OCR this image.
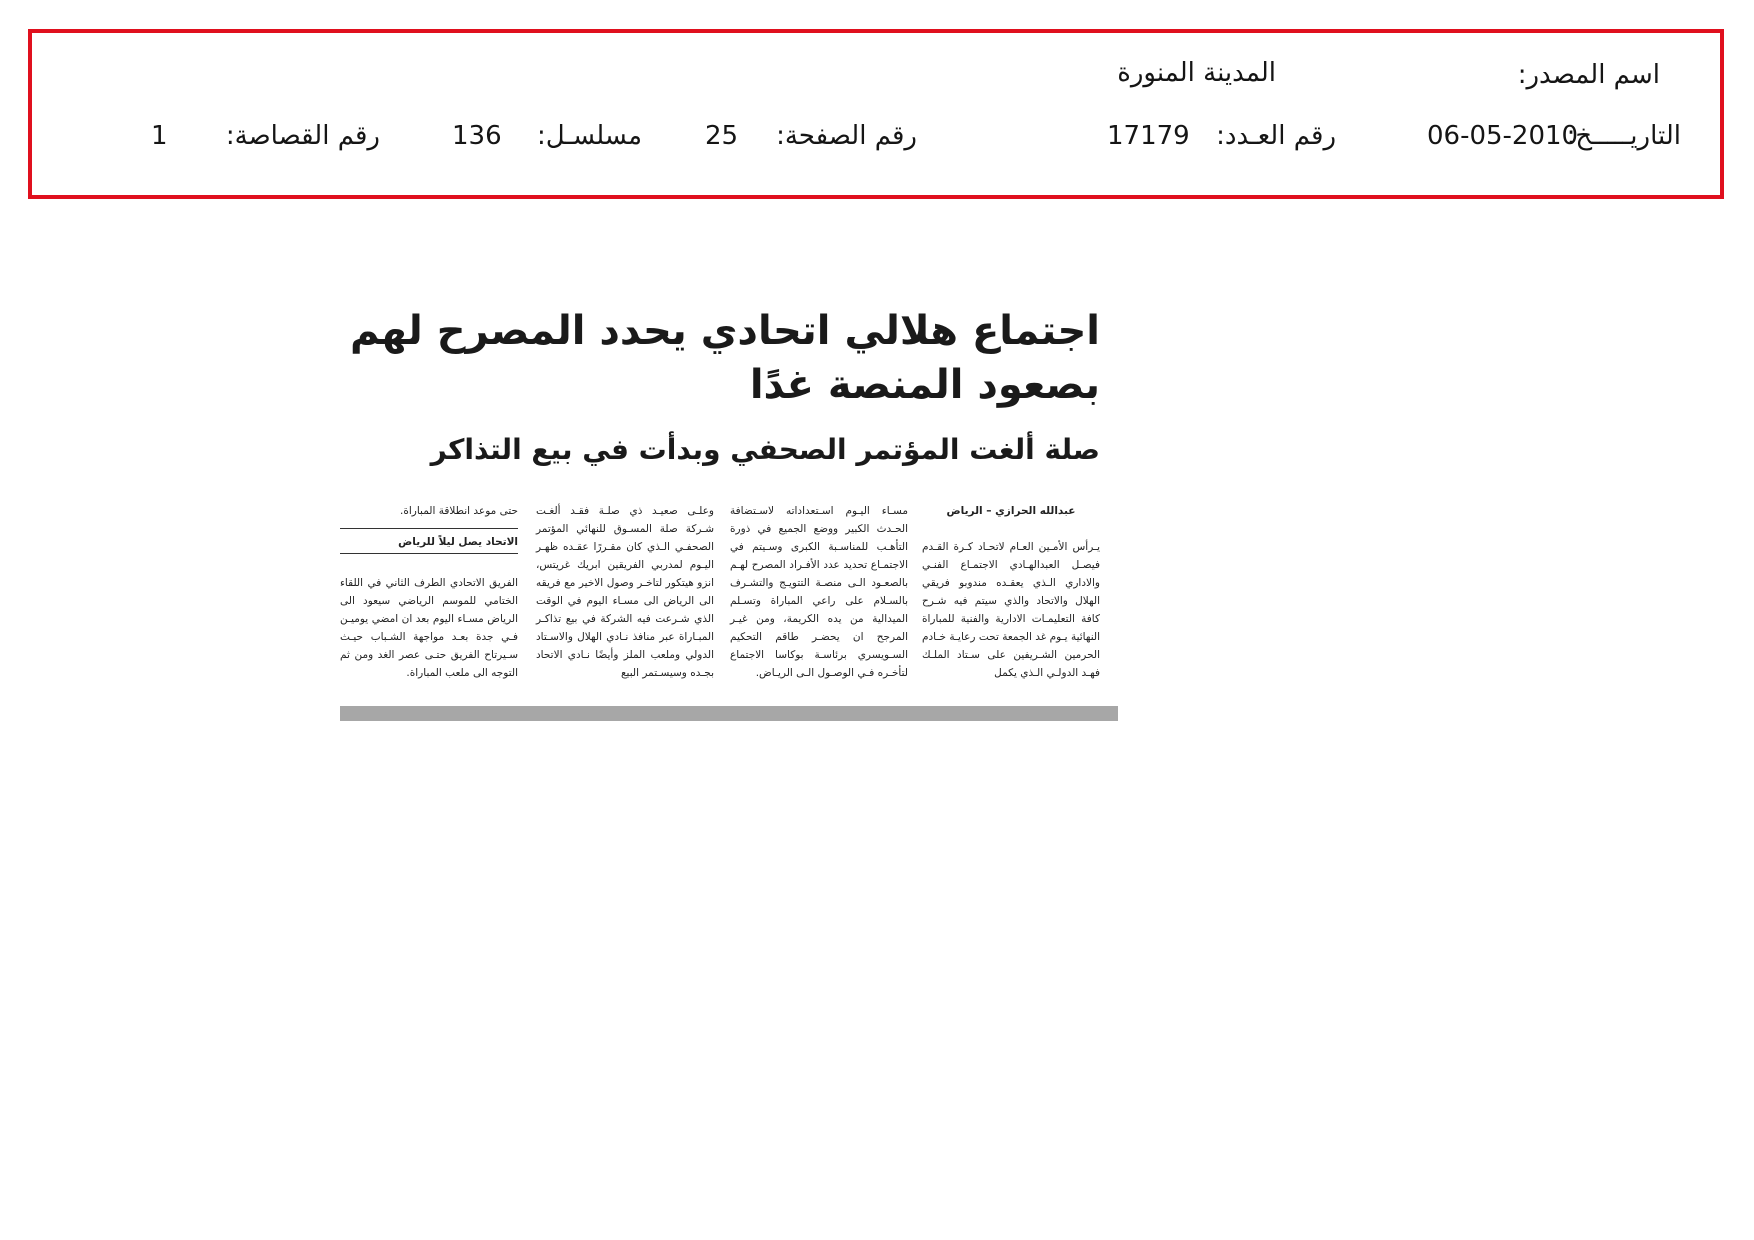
اسم المصدر:
المدينة المنورة
التاريـــــخ:
06-05-2010
رقم العـدد:
17179
رقم الصفحة:
25
مسلسـل:
136
رقم القصاصة:
1
اجتماع هلالي اتحادي يحدد المصرح لهم بصعود المنصة غدًا
صلة ألغت المؤتمر الصحفي وبدأت في بيع التذاكر

عبدالله الحرازي – الرياض

يـرأس الأمـين العـام لاتحـاد كـرة القـدم فيصـل العبدالهـادي الاجتمـاع الفنـي والاداري الـذي يعقـده مندوبو فريقي الهلال والاتحاد والذي سيتم فيه شـرح كافة التعليمـات الادارية والفنية للمباراة النهائية يـوم غد الجمعة تحت رعايـة خـادم الحرمين الشـريفين على سـتاد الملـك فهـد الدولـي الـذي يكمل

مسـاء اليـوم اسـتعداداته لاسـتضافة الحـدث الكبير ووضع الجميع في ذورة التأهـب للمناسـبة الكبرى وسـيتم في الاجتمـاع تحديد عدد الأفـراد المصرح لهـم بالصعـود الـى منصـة التتويـج والتشـرف بالسـلام على راعي المباراة وتسـلم الميدالية من يده الكريمة، ومن غيـر المرجح ان يحضـر طاقم التحكيم السـويسري برئاسـة بوكاسا الاجتماع لتأخـره فـي الوصـول الـى الريـاض.

وعلـى صعيـد ذي صلـة فقـد ألغـت شـركة صلة المسـوق للنهائي المؤتمر الصحفـي الـذي كان مقـررًا عقـده ظهـر اليـوم لمدربي الفريقين ابريك غريتس، انزو هيتكور لتاخـر وصول الاخير مع فريقه الى الرياض الى مسـاء اليوم في الوقت الذي شـرعت فيه الشركة في بيع تذاكـر المبـاراة عبر منافذ نـادي الهلال والاسـتاد الدولي وملعب الملز وأيضًا نـادي الاتحاد بجـده وسيسـتمر البيع

حتى موعد انطلاقة المباراة.

الاتحاد يصل ليلاً للرياض

الفريق الاتحادي الطرف الثاني في اللقاء الختامي للموسم الرياضي سيعود الى الرياض مسـاء اليوم بعد ان امضي يوميـن فـي جدة بعـد مواجهة الشـباب حيـث سـيرتاح الفريق حتـى عصر الغد ومن ثم التوجه الى ملعب المباراة.
